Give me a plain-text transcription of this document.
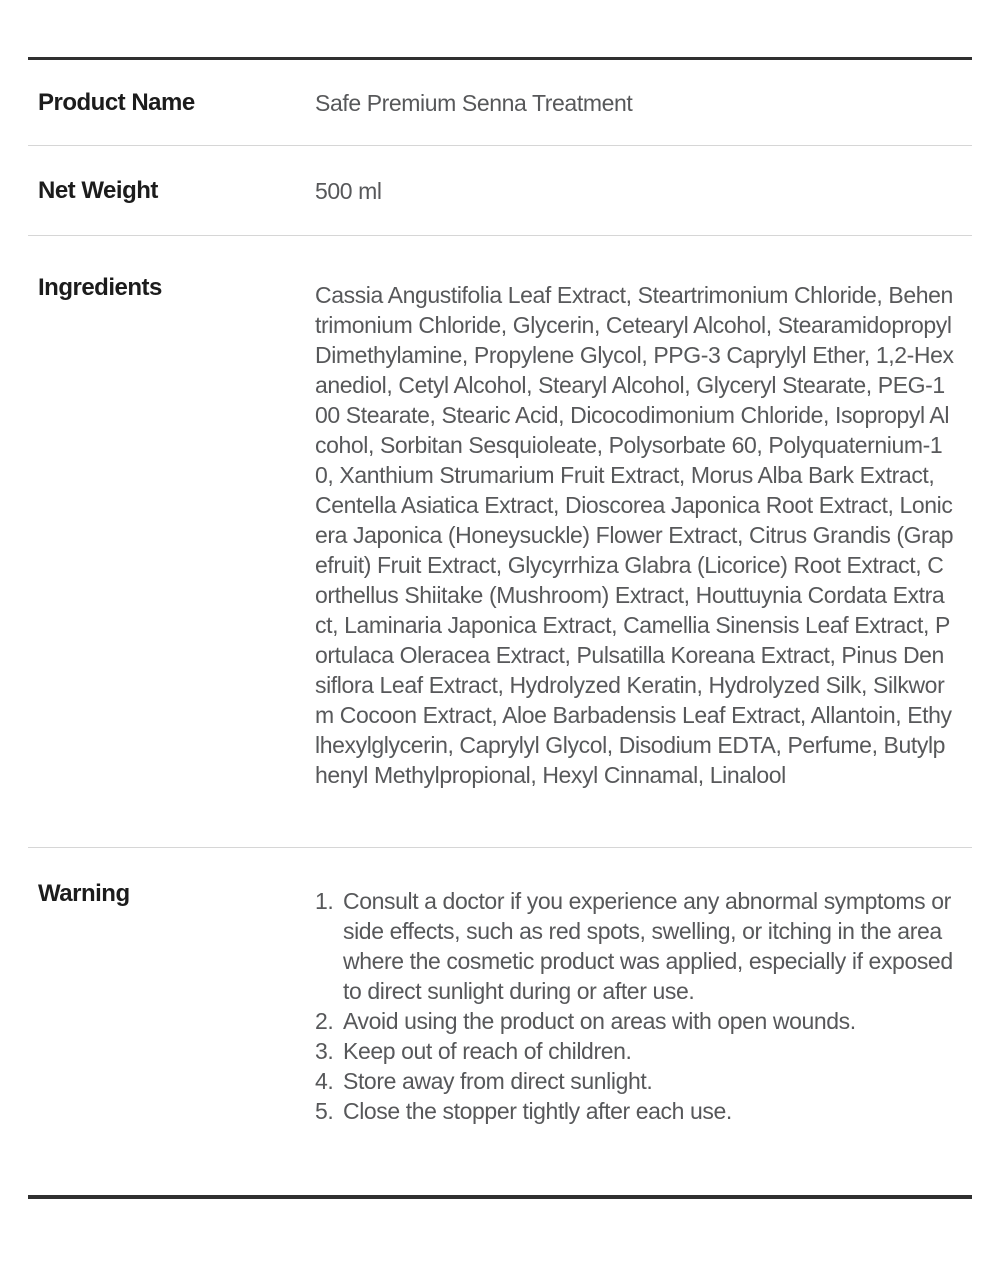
Product Name	Safe Premium Senna Treatment
Net Weight	500 ml
Ingredients	Cassia Angustifolia Leaf Extract, Steartrimonium Chloride, Behentrimonium Chloride, Glycerin, Cetearyl Alcohol, Stearamidopropyl Dimethylamine, Propylene Glycol, PPG-3 Caprylyl Ether, 1,2-Hexanediol, Cetyl Alcohol, Stearyl Alcohol, Glyceryl Stearate, PEG-100 Stearate, Stearic Acid, Dicocodimonium Chloride, Isopropyl Alcohol, Sorbitan Sesquioleate, Polysorbate 60, Polyquaternium-10, Xanthium Strumarium Fruit Extract, Morus Alba Bark Extract, Centella Asiatica Extract, Dioscorea Japonica Root Extract, Lonicera Japonica (Honeysuckle) Flower Extract, Citrus Grandis (Grapefruit) Fruit Extract, Glycyrrhiza Glabra (Licorice) Root Extract, Corthellus Shiitake (Mushroom) Extract, Houttuynia Cordata Extract, Laminaria Japonica Extract, Camellia Sinensis Leaf Extract, Portulaca Oleracea Extract, Pulsatilla Koreana Extract, Pinus Densiflora Leaf Extract, Hydrolyzed Keratin, Hydrolyzed Silk, Silkworm Cocoon Extract, Aloe Barbadensis Leaf Extract, Allantoin, Ethylhexylglycerin, Caprylyl Glycol, Disodium EDTA, Perfume, Butylphenyl Methylpropional, Hexyl Cinnamal, Linalool

Warning	1. Consult a doctor if you experience any abnormal symptoms or side effects, such as red spots, swelling, or itching in the area where the cosmetic product was applied, especially if exposed to direct sunlight during or after use.
2. Avoid using the product on areas with open wounds.
3. Keep out of reach of children.
4. Store away from direct sunlight.
5. Close the stopper tightly after each use.
